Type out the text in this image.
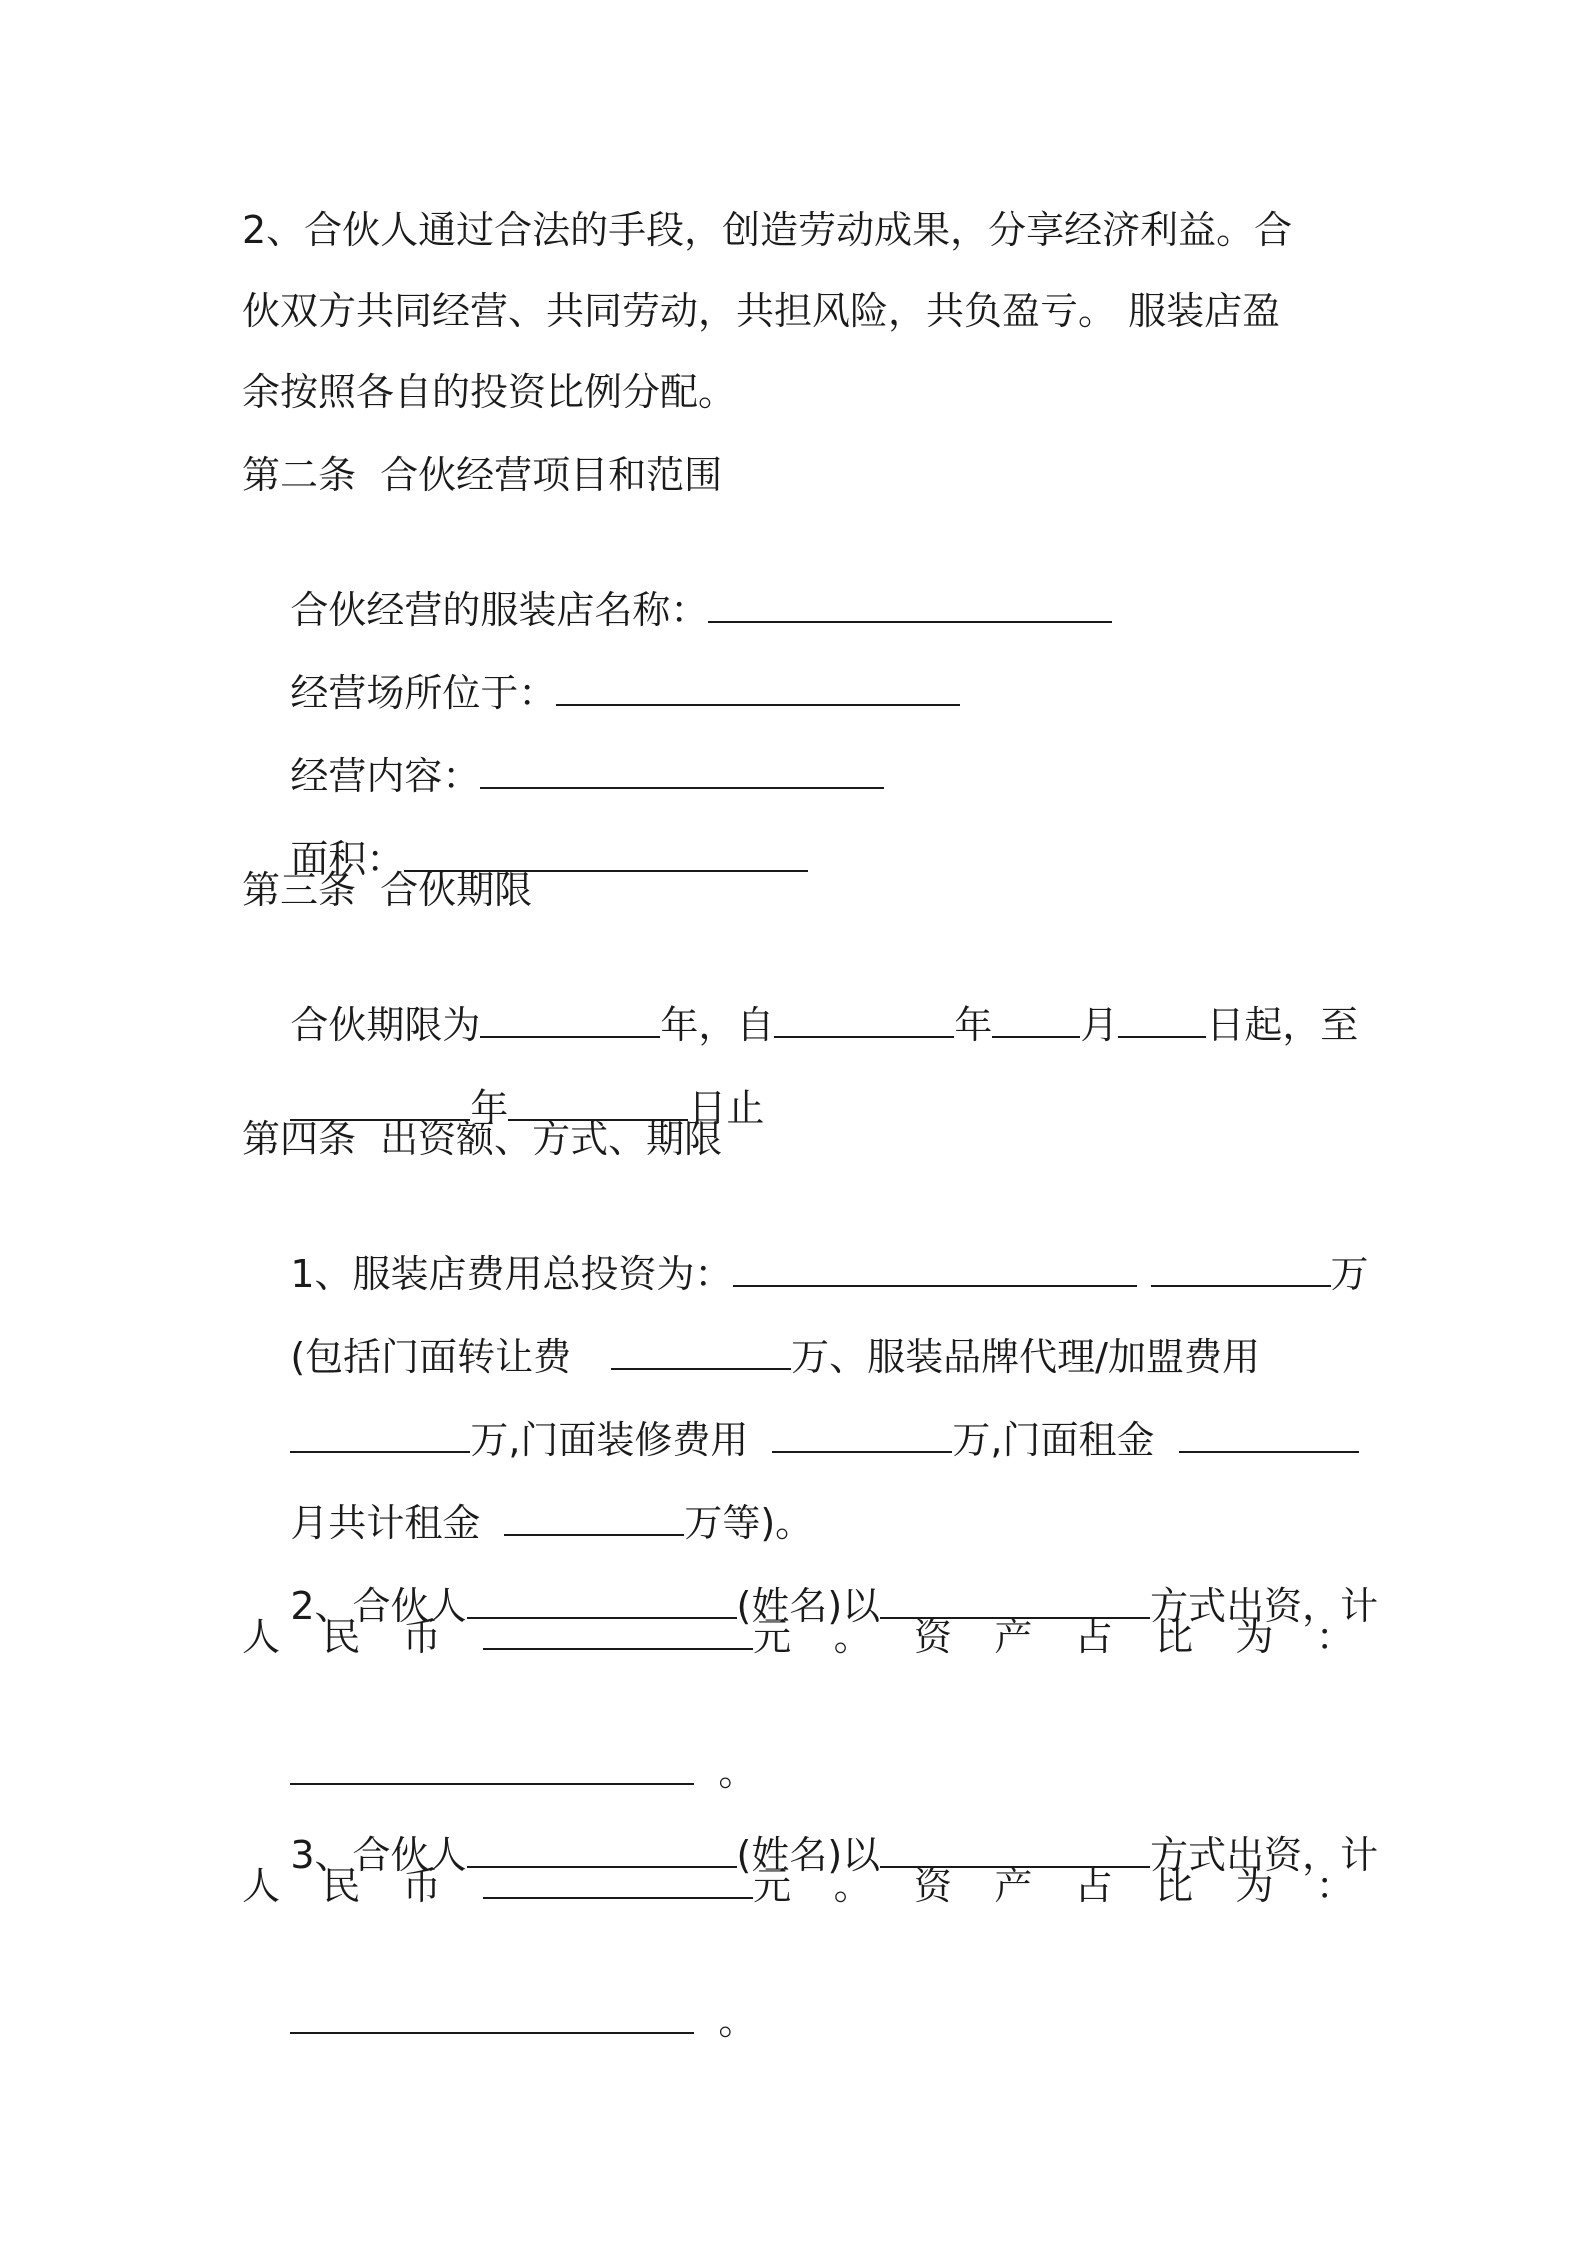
2、合伙人通过合法的手段，创造劳动成果，分享经济利益。合
伙双方共同经营、共同劳动，共担风险，共负盈亏。 服装店盈
余按照各自的投资比例分配。
第二条  合伙经营项目和范围

合伙经营的服装店名称：

经营场所位于：

经营内容：

面积：

第三条  合伙期限

合伙期限为	年，自	年 月 日起，至

年	日止

第四条  出资额、方式、期限

1、服装店费用总投资为：	万

(包括门面转让费	万、服装品牌代理/加盟费用

万,门面装修费用	万,门面租金

月共计租金	万等)。

2、合伙人	(姓名)以	方式出资，计

人 民 币	元 。 资 产 占 比 为 ：

。

3、合伙人	(姓名)以	方式出资，计

人 民 币	元 。 资 产 占 比 为 ：

。
